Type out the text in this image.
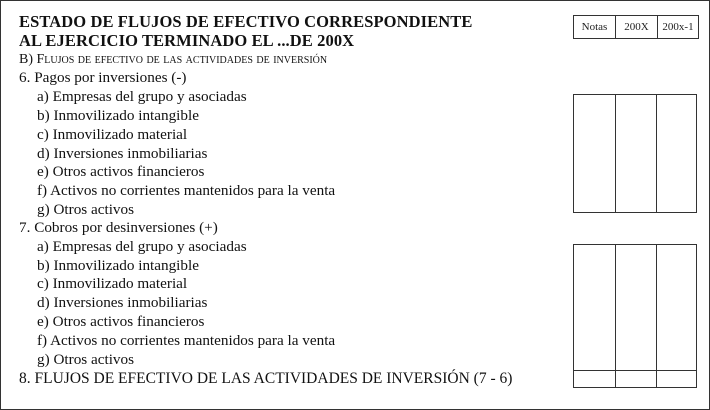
ESTADO DE FLUJOS DE EFECTIVO CORRESPONDIENTE
AL EJERCICIO TERMINADO EL ...DE 200X
Notas	200X	200x-1
B) Flujos de efectivo de las actividades de inversión
6. Pagos por inversiones (-)
a) Empresas del grupo y asociadas
b) Inmovilizado intangible
c) Inmovilizado material
d) Inversiones inmobiliarias
e) Otros activos financieros
f) Activos no corrientes mantenidos para la venta
g) Otros activos
7. Cobros por desinversiones (+)
a) Empresas del grupo y asociadas
b) Inmovilizado intangible
c) Inmovilizado material
d) Inversiones inmobiliarias
e) Otros activos financieros
f) Activos no corrientes mantenidos para la venta
g) Otros activos
8. FLUJOS DE EFECTIVO DE LAS ACTIVIDADES DE INVERSIÓN (7 - 6)
